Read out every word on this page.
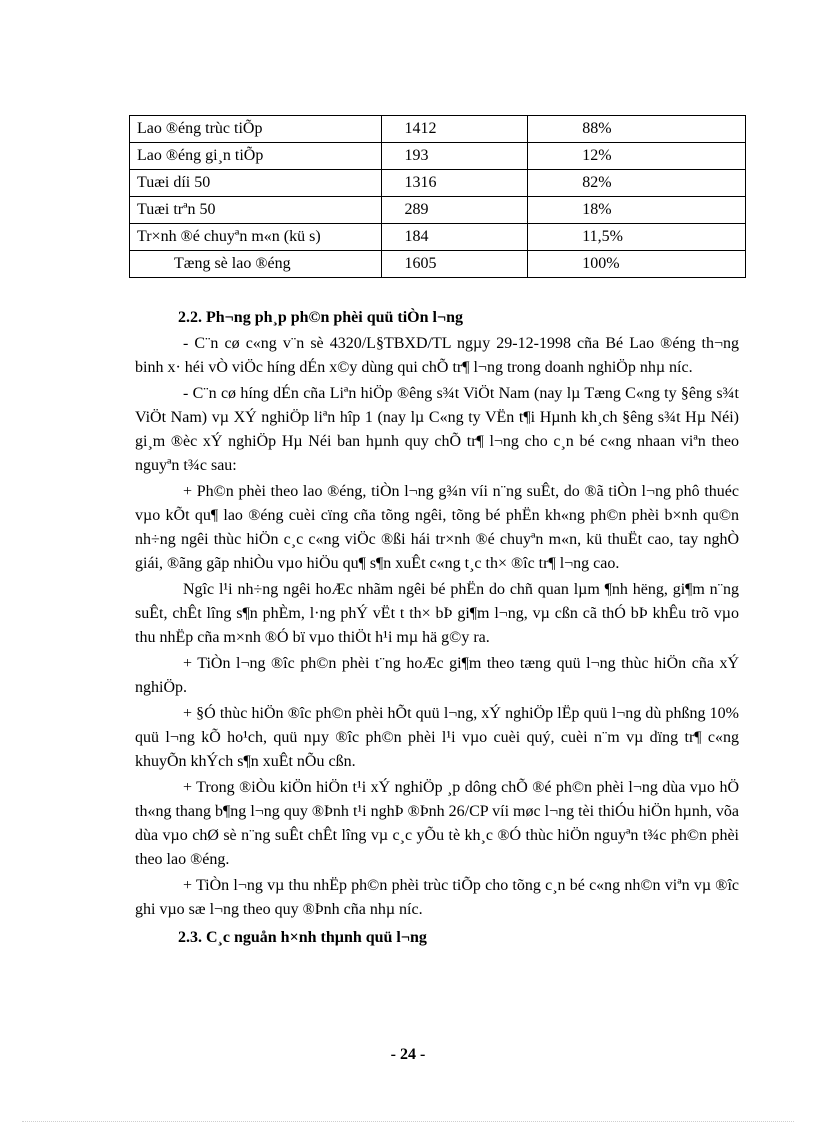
Lao ®éng trùc tiÕp	1412	88%
Lao ®éng gi¸n tiÕp	193	12%
Tuæi díi 50	1316	82%
Tuæi trªn 50	289	18%
Tr×nh ®é chuyªn m«n (kü s)	184	11,5%
Tæng sè lao ®éng	1605	100%
2.2. Ph¬ng ph¸p ph©n phèi quü tiÒn l¬ng

- C¨n cø c«ng v¨n sè 4320/L§TBXD/TL ngµy 29-12-1998 cña Bé Lao ®éng th¬ng binh x· héi vÒ viÖc híng dÉn x©y dùng qui chÕ tr¶ l¬ng trong doanh nghiÖp nhµ níc.

- C¨n cø híng dÉn cña Liªn hiÖp ®êng s¾t ViÖt Nam (nay lµ Tæng C«ng ty §êng s¾t ViÖt Nam) vµ XÝ nghiÖp liªn hîp 1 (nay lµ C«ng ty VËn t¶i Hµnh kh¸ch §êng s¾t Hµ Néi) gi¸m ®èc xÝ nghiÖp Hµ Néi ban hµnh quy chÕ tr¶ l¬ng cho c¸n bé c«ng nhaan viªn theo nguyªn t¾c sau:

+ Ph©n phèi theo lao ®éng, tiÒn l¬ng g¾n víi n¨ng suÊt, do ®ã tiÒn l¬ng phô thuéc vµo kÕt qu¶ lao ®éng cuèi cïng cña tõng ngêi, tõng bé phËn kh«ng ph©n phèi b×nh qu©n nh÷ng ngêi thùc hiÖn c¸c c«ng viÖc ®ßi hái tr×nh ®é chuyªn m«n, kü thuËt cao, tay nghÒ giái, ®ãng gãp nhiÒu vµo hiÖu qu¶ s¶n xuÊt c«ng t¸c th× ®îc tr¶ l¬ng cao.

Ngîc l¹i nh÷ng ngêi hoÆc nhãm ngêi bé phËn do chñ quan lµm ¶nh hëng, gi¶m n¨ng suÊt, chÊt lîng s¶n phÈm, l·ng phÝ vËt t th× bÞ gi¶m l¬ng, vµ cßn cã thÓ bÞ khÊu trõ vµo thu nhËp cña m×nh ®Ó bï vµo thiÖt h¹i mµ hä g©y ra.

+ TiÒn l¬ng ®îc ph©n phèi t¨ng hoÆc gi¶m theo tæng quü l¬ng thùc hiÖn cña xÝ nghiÖp.

+ §Ó thùc hiÖn ®îc ph©n phèi hÕt quü l¬ng, xÝ nghiÖp lËp quü l¬ng dù phßng 10% quü l¬ng kÕ ho¹ch, quü nµy ®îc ph©n phèi l¹i vµo cuèi quý, cuèi n¨m vµ dïng tr¶ c«ng khuyÕn khÝch s¶n xuÊt nÕu cßn.

+ Trong ®iÒu kiÖn hiÖn t¹i xÝ nghiÖp ¸p dông chÕ ®é ph©n phèi l¬ng dùa vµo hÖ th«ng thang b¶ng l¬ng quy ®Þnh t¹i nghÞ ®Þnh 26/CP víi møc l¬ng tèi thiÓu hiÖn hµnh, võa dùa vµo chØ sè n¨ng suÊt chÊt lîng vµ c¸c yÕu tè kh¸c ®Ó thùc hiÖn nguyªn t¾c ph©n phèi theo lao ®éng.

+ TiÒn l¬ng vµ thu nhËp ph©n phèi trùc tiÕp cho tõng c¸n bé c«ng nh©n viªn vµ ®îc ghi vµo sæ l¬ng theo quy ®Þnh cña nhµ níc.

2.3. C¸c nguån h×nh thµnh quü l¬ng
- 24 -
